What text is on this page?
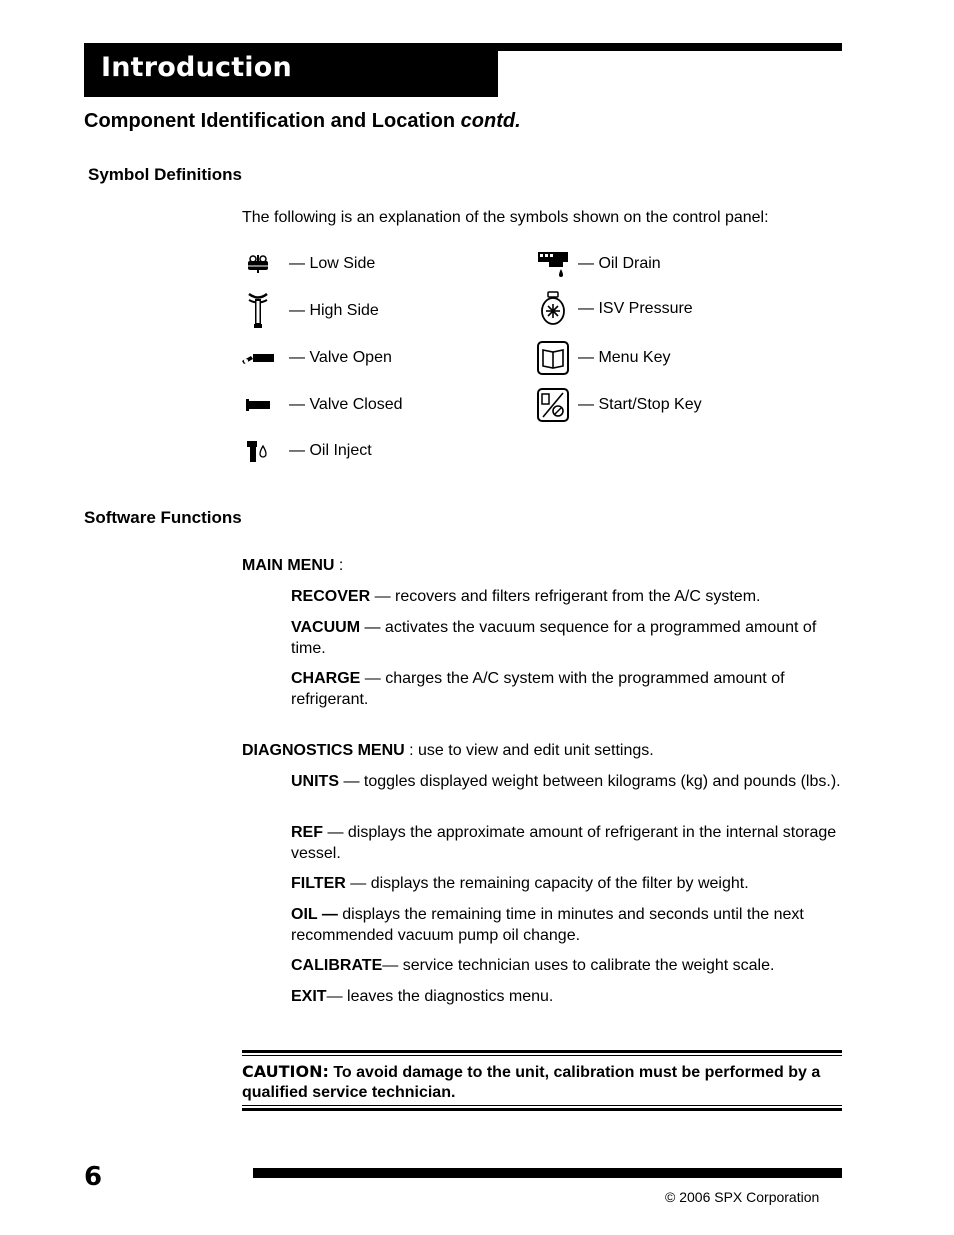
Introduction
Component Identification and Location contd.
Symbol Definitions
The following is an explanation of the symbols shown on the control panel:
— Low Side
— High Side
— Valve Open
— Valve Closed
— Oil Inject
— Oil Drain
— ISV Pressure
— Menu Key
— Start/Stop Key
Software Functions
MAIN MENU :
RECOVER — recovers and filters refrigerant from the A/C system.
VACUUM — activates the vacuum sequence for a programmed amount of time.
CHARGE — charges the A/C system with the programmed amount of refrigerant.
DIAGNOSTICS MENU : use to view and edit unit settings.
UNITS — toggles displayed weight between kilograms (kg) and pounds (lbs.).
REF — displays the approximate amount of refrigerant in the internal storage vessel.
FILTER — displays the remaining capacity of the filter by weight.
OIL — displays the remaining time in minutes and seconds until the next recommended vacuum pump oil change.
CALIBRATE— service technician uses to calibrate the weight scale.
EXIT— leaves the diagnostics menu.
CAUTION: To avoid damage to the unit, calibration must be performed by a qualified service technician.
6
© 2006 SPX Corporation
